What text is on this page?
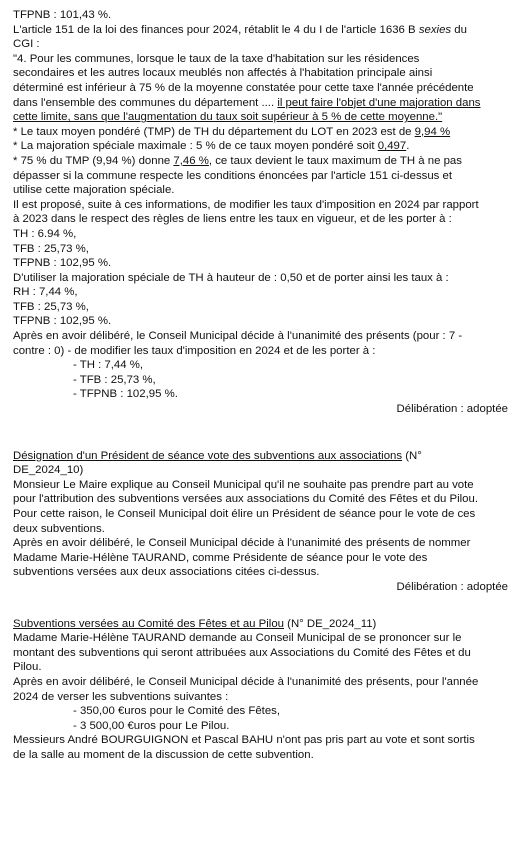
TFPNB : 101,43 %.

L'article 151 de la loi des finances pour 2024, rétablit le 4 du I de l'article 1636 B sexies du

CGI :

"4. Pour les communes, lorsque le taux de la taxe d'habitation sur les résidences

secondaires et les autres locaux meublés non affectés à l'habitation principale ainsi

déterminé est inférieur à 75 % de la moyenne constatée pour cette taxe l'année précédente

dans l'ensemble des communes du département .... il peut faire l'objet d'une majoration dans

cette limite, sans que l'augmentation du taux soit supérieur à 5 % de cette moyenne."

* Le taux moyen pondéré (TMP) de TH du département du LOT en 2023 est de 9,94 %

* La majoration spéciale maximale : 5 % de ce taux moyen pondéré soit 0,497.

* 75 % du TMP (9,94 %) donne 7,46 %, ce taux devient le taux maximum de TH à ne pas

dépasser si la commune respecte les conditions énoncées par l'article 151 ci-dessus et

utilise cette majoration spéciale.

Il est proposé, suite à ces informations, de modifier les taux d'imposition en 2024 par rapport

à 2023 dans le respect des règles de liens entre les taux en vigueur, et de les porter à :

TH : 6.94 %,

TFB : 25,73 %,

TFPNB : 102,95 %.

D'utiliser la majoration spéciale de TH à hauteur de : 0,50 et de porter ainsi les taux à :

RH : 7,44 %,

TFB : 25,73 %,

TFPNB : 102,95 %.

Après en avoir délibéré, le Conseil Municipal décide à l'unanimité des présents (pour : 7 -

contre : 0) - de modifier les taux d'imposition en 2024 et de les porter à :

- TH : 7,44 %,

- TFB : 25,73 %,

- TFPNB : 102,95 %.

Délibération : adoptée

Désignation d'un Président de séance vote des subventions aux associations (N°

DE_2024_10)

Monsieur Le Maire explique au Conseil Municipal qu'il ne souhaite pas prendre part au vote

pour l'attribution des subventions versées aux associations du Comité des Fêtes et du Pilou.

Pour cette raison, le Conseil Municipal doit élire un Président de séance pour le vote de ces

deux subventions.

Après en avoir délibéré, le Conseil Municipal décide à l'unanimité des présents de nommer

Madame Marie-Hélène TAURAND, comme Présidente de séance pour le vote des

subventions versées aux deux associations citées ci-dessus.

Délibération : adoptée

Subventions versées au Comité des Fêtes et au Pilou (N° DE_2024_11)

Madame Marie-Hélène TAURAND demande au Conseil Municipal de se prononcer sur le

montant des subventions qui seront attribuées aux Associations du Comité des Fêtes et du

Pilou.

Après en avoir délibéré, le Conseil Municipal décide à l'unanimité des présents, pour l'année

2024 de verser les subventions suivantes :

- 350,00 €uros pour le Comité des Fêtes,

- 3 500,00 €uros pour Le Pilou.

Messieurs André BOURGUIGNON et Pascal BAHU n'ont pas pris part au vote et sont sortis

de la salle au moment de la discussion de cette subvention.
